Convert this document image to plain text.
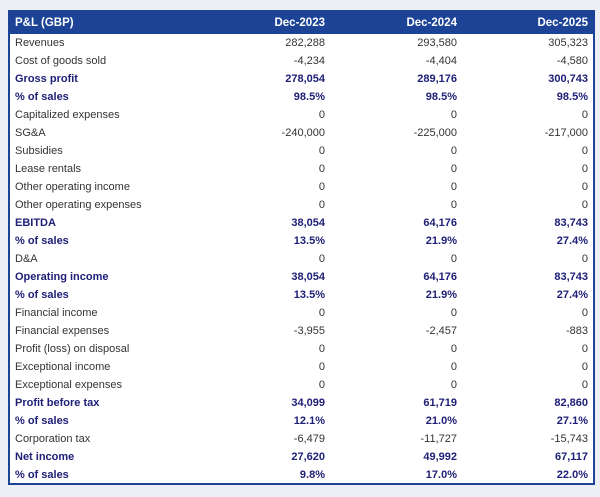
P&L (GBP)	Dec-2023	Dec-2024	Dec-2025
Revenues	282,288	293,580	305,323
Cost of goods sold	-4,234	-4,404	-4,580
Gross profit	278,054	289,176	300,743
% of sales	98.5%	98.5%	98.5%
Capitalized expenses	0	0	0
SG&A	-240,000	-225,000	-217,000
Subsidies	0	0	0
Lease rentals	0	0	0
Other operating income	0	0	0
Other operating expenses	0	0	0
EBITDA	38,054	64,176	83,743
% of sales	13.5%	21.9%	27.4%
D&A	0	0	0
Operating income	38,054	64,176	83,743
% of sales	13.5%	21.9%	27.4%
Financial income	0	0	0
Financial expenses	-3,955	-2,457	-883
Profit (loss) on disposal	0	0	0
Exceptional income	0	0	0
Exceptional expenses	0	0	0
Profit before tax	34,099	61,719	82,860
% of sales	12.1%	21.0%	27.1%
Corporation tax	-6,479	-11,727	-15,743
Net income	27,620	49,992	67,117
% of sales	9.8%	17.0%	22.0%
